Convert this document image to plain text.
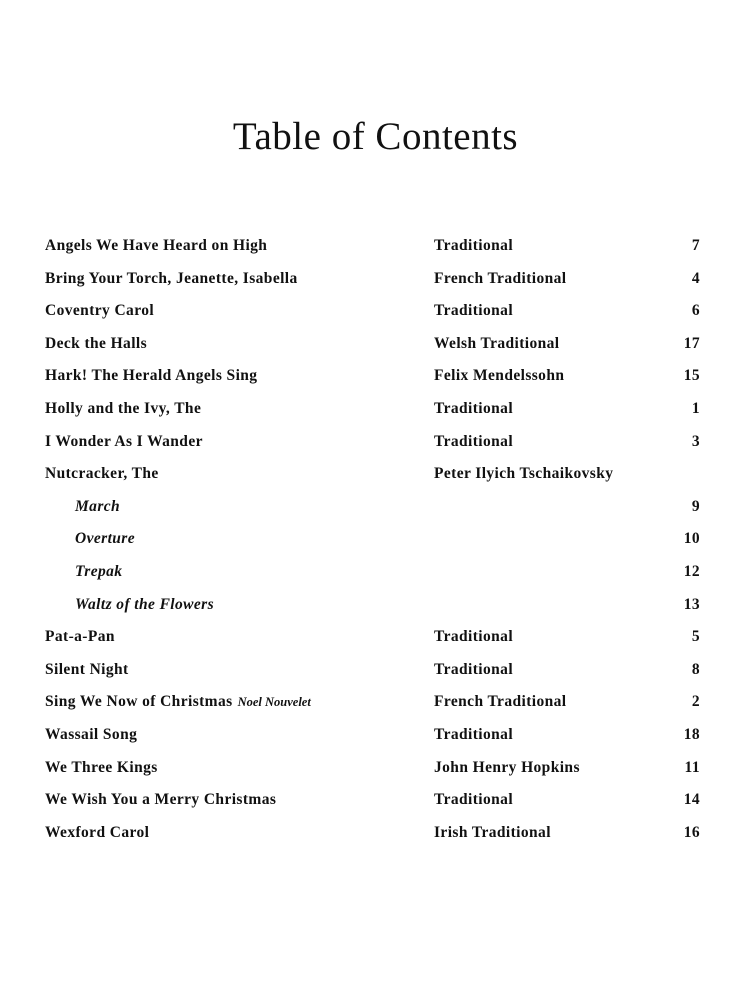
Table of Contents
Angels We Have Heard on High	Traditional	7
Bring Your Torch, Jeanette, Isabella	French Traditional	4
Coventry Carol	Traditional	6
Deck the Halls	Welsh Traditional	17
Hark! The Herald Angels Sing	Felix Mendelssohn	15
Holly and the Ivy, The	Traditional	1
I Wonder As I Wander	Traditional	3
Nutcracker, The	Peter Ilyich Tschaikovsky
March	9
Overture	10
Trepak	12
Waltz of the Flowers	13
Pat-a-Pan	Traditional	5
Silent Night	Traditional	8
Sing We Now of Christmas Noel Nouvelet	French Traditional	2
Wassail Song	Traditional	18
We Three Kings	John Henry Hopkins	11
We Wish You a Merry Christmas	Traditional	14
Wexford Carol	Irish Traditional	16
